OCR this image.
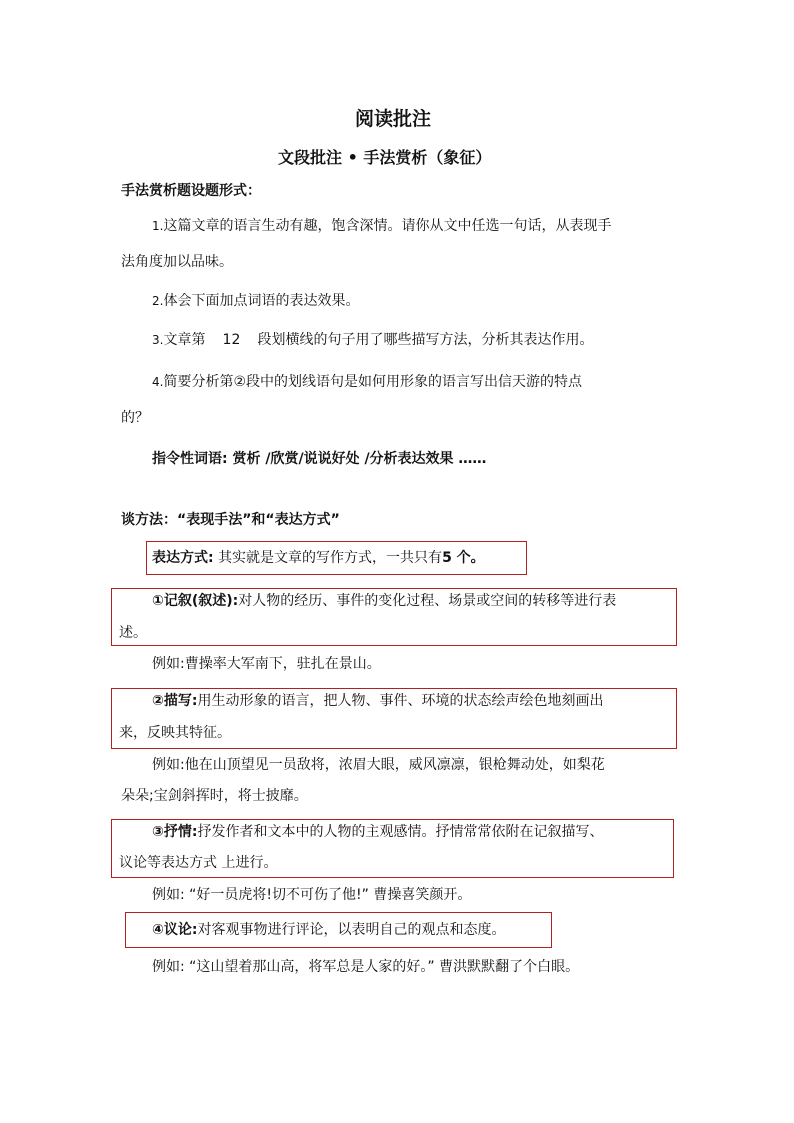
阅读批注
文段批注 • 手法赏析（象征）
手法赏析题设题形式：
1.这篇文章的语言生动有趣，饱含深情。请你从文中任选一句话，从表现手
法角度加以品味。
2.体会下面加点词语的表达效果。
3.文章第 12 段划横线的句子用了哪些描写方法，分析其表达作用。
4.简要分析第②段中的划线语句是如何用形象的语言写出信天游的特点
的？
指令性词语: 赏析 /欣赏/说说好处 /分析表达效果 ……
谈方法：“表现手法”和“表达方式”
表达方式: 其实就是文章的写作方式，一共只有5 个。
①记叙(叙述):对人物的经历、事件的变化过程、场景或空间的转移等进行表
述。
例如:曹操率大军南下，驻扎在景山。
②描写:用生动形象的语言，把人物、事件、环境的状态绘声绘色地刻画出
来，反映其特征。
例如:他在山顶望见一员敌将，浓眉大眼，威风凛凛，银枪舞动处，如梨花
朵朵;宝剑斜挥时，将士披靡。
③抒情:抒发作者和文本中的人物的主观感情。抒情常常依附在记叙描写、
议论等表达方式 上进行。
例如: “好一员虎将!切不可伤了他!” 曹操喜笑颜开。
④议论:对客观事物进行评论，以表明自己的观点和态度。
例如: “这山望着那山高，将军总是人家的好。” 曹洪默默翻了个白眼。
